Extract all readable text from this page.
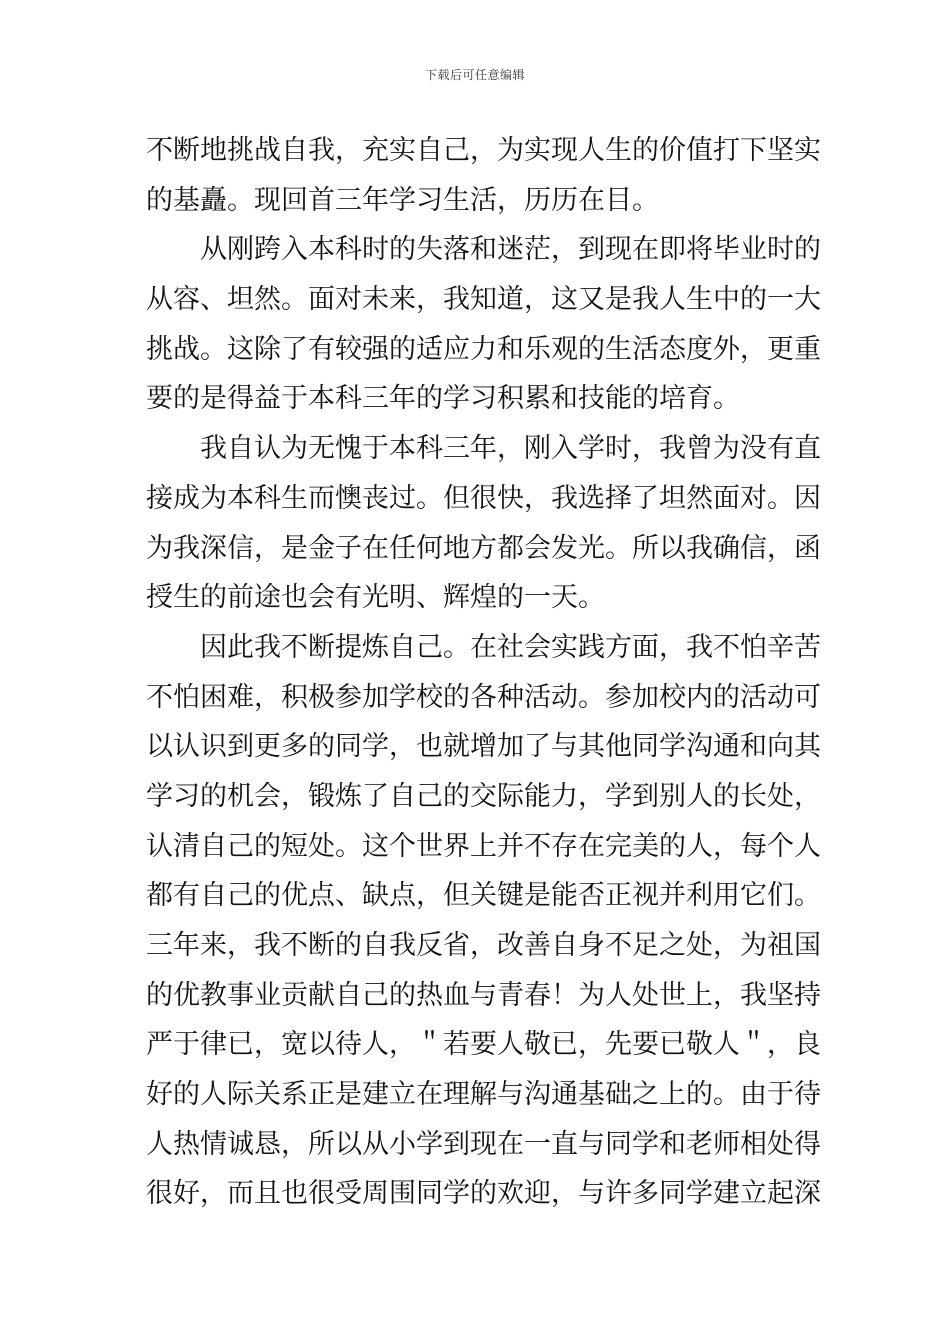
下载后可任意编辑
不断地挑战自我，充实自己，为实现人生的价值打下坚实
的基矗。现回首三年学习生活，历历在目。
从刚跨入本科时的失落和迷茫，到现在即将毕业时的
从容、坦然。面对未来，我知道，这又是我人生中的一大
挑战。这除了有较强的适应力和乐观的生活态度外，更重
要的是得益于本科三年的学习积累和技能的培育。
我自认为无愧于本科三年，刚入学时，我曾为没有直
接成为本科生而懊丧过。但很快，我选择了坦然面对。因
为我深信，是金子在任何地方都会发光。所以我确信，函
授生的前途也会有光明、辉煌的一天。
因此我不断提炼自己。在社会实践方面，我不怕辛苦
不怕困难，积极参加学校的各种活动。参加校内的活动可
以认识到更多的同学，也就增加了与其他同学沟通和向其
学习的机会，锻炼了自己的交际能力，学到别人的长处，
认清自己的短处。这个世界上并不存在完美的人，每个人
都有自己的优点、缺点，但关键是能否正视并利用它们。
三年来，我不断的自我反省，改善自身不足之处，为祖国
的优教事业贡献自己的热血与青春！为人处世上，我坚持
严于律已，宽以待人，＂若要人敬已，先要已敬人＂，良
好的人际关系正是建立在理解与沟通基础之上的。由于待
人热情诚恳，所以从小学到现在一直与同学和老师相处得
很好，而且也很受周围同学的欢迎，与许多同学建立起深
